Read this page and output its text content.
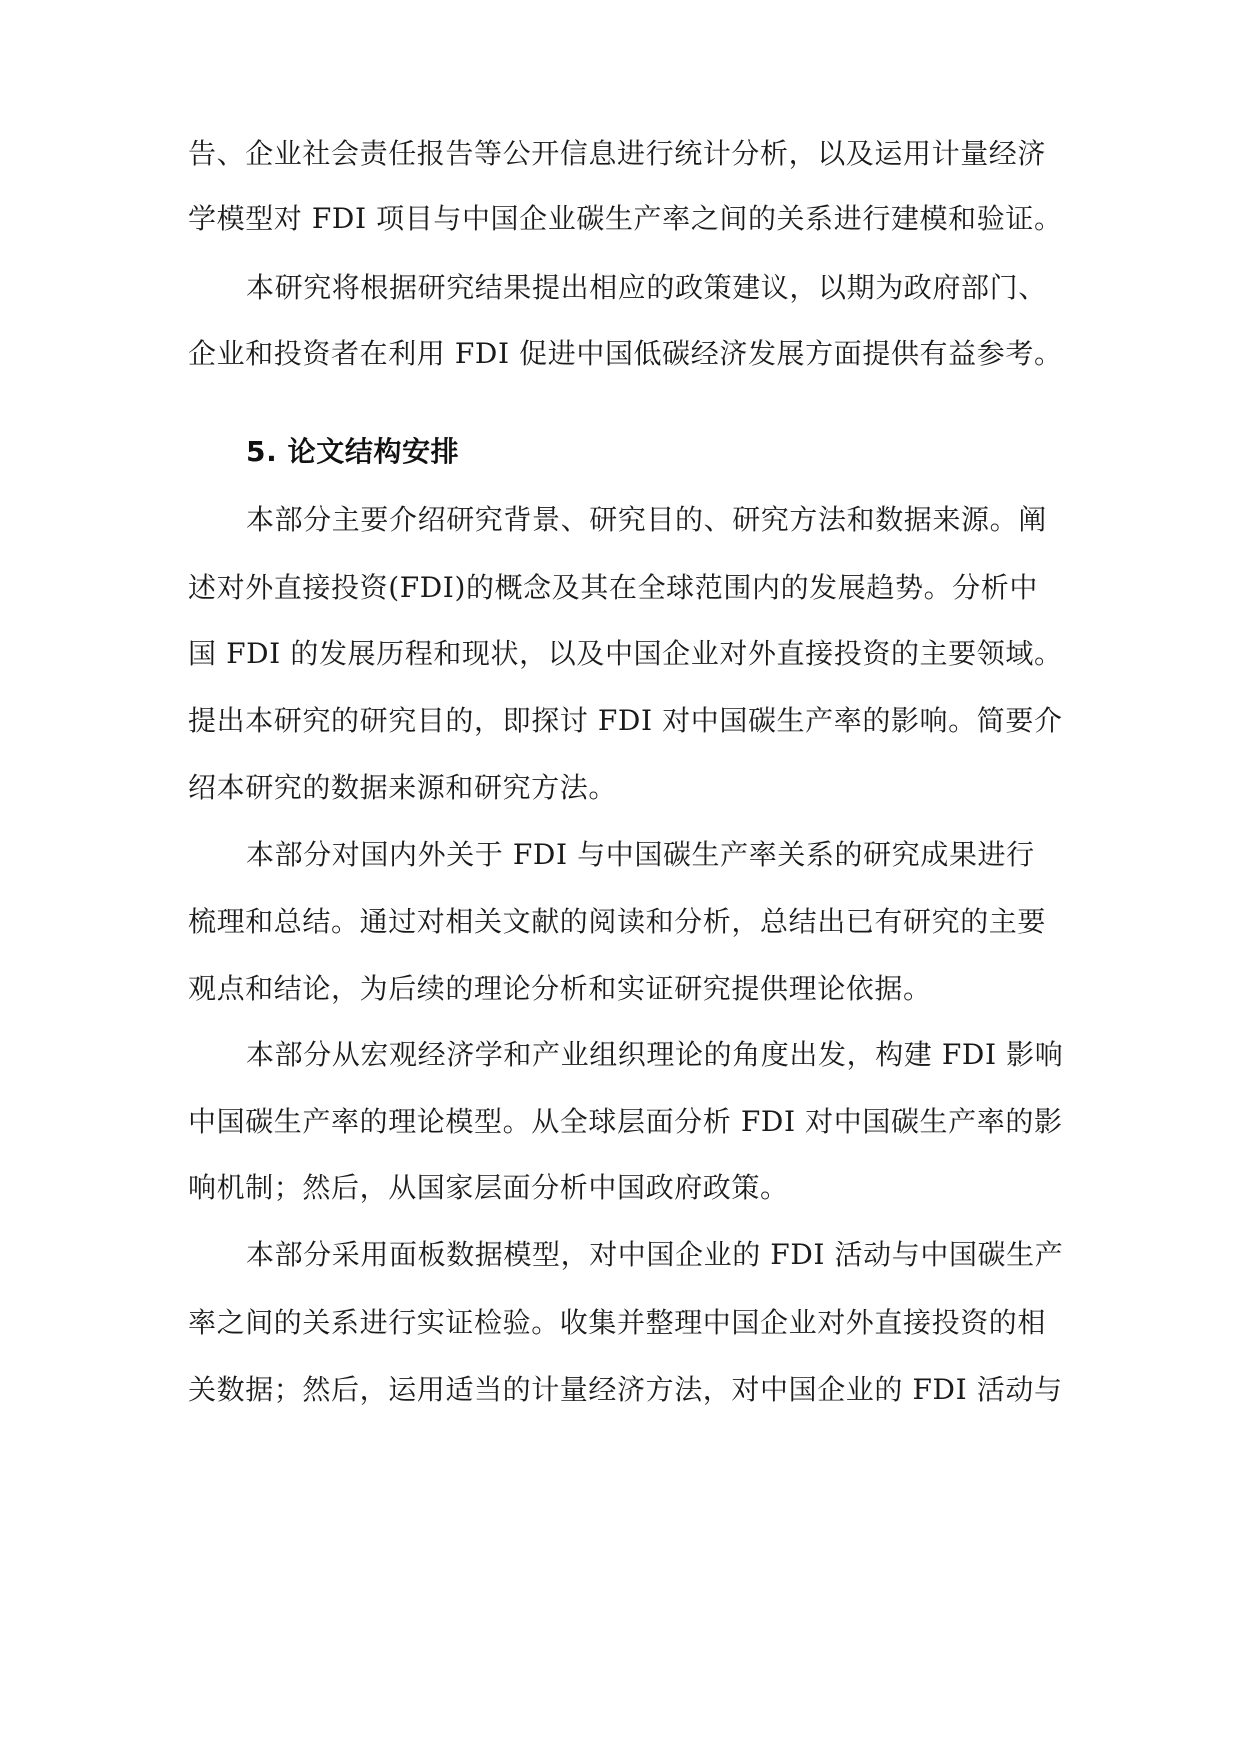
告、企业社会责任报告等公开信息进行统计分析，以及运用计量经济
学模型对 FDI 项目与中国企业碳生产率之间的关系进行建模和验证。
本研究将根据研究结果提出相应的政策建议，以期为政府部门、
企业和投资者在利用 FDI 促进中国低碳经济发展方面提供有益参考。
5. 论文结构安排
本部分主要介绍研究背景、研究目的、研究方法和数据来源。阐
述对外直接投资(FDI)的概念及其在全球范围内的发展趋势。分析中
国 FDI 的发展历程和现状，以及中国企业对外直接投资的主要领域。
提出本研究的研究目的，即探讨 FDI 对中国碳生产率的影响。简要介
绍本研究的数据来源和研究方法。
本部分对国内外关于 FDI 与中国碳生产率关系的研究成果进行
梳理和总结。通过对相关文献的阅读和分析，总结出已有研究的主要
观点和结论，为后续的理论分析和实证研究提供理论依据。
本部分从宏观经济学和产业组织理论的角度出发，构建 FDI 影响
中国碳生产率的理论模型。从全球层面分析 FDI 对中国碳生产率的影
响机制；然后，从国家层面分析中国政府政策。
本部分采用面板数据模型，对中国企业的 FDI 活动与中国碳生产
率之间的关系进行实证检验。收集并整理中国企业对外直接投资的相
关数据；然后，运用适当的计量经济方法，对中国企业的 FDI 活动与
